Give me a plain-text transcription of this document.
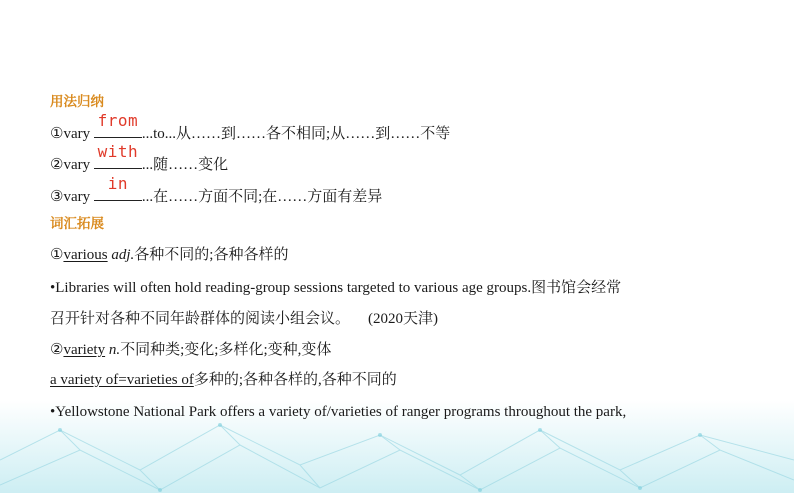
用法归纳
①vary
from
...to...从……到……各不相同;从……到……不等
②vary
with
...随……变化
③vary
in
...在……方面不同;在……方面有差异
词汇拓展
①various adj.各种不同的;各种各样的
•Libraries will often hold reading-group sessions targeted to various age groups.图书馆会经常
召开针对各种不同年龄群体的阅读小组会议。 (2020天津)
②variety n.不同种类;变化;多样化;变种,变体
a variety of=varieties of多种的;各种各样的,各种不同的
•Yellowstone National Park offers a variety of/varieties of ranger programs throughout the park,
